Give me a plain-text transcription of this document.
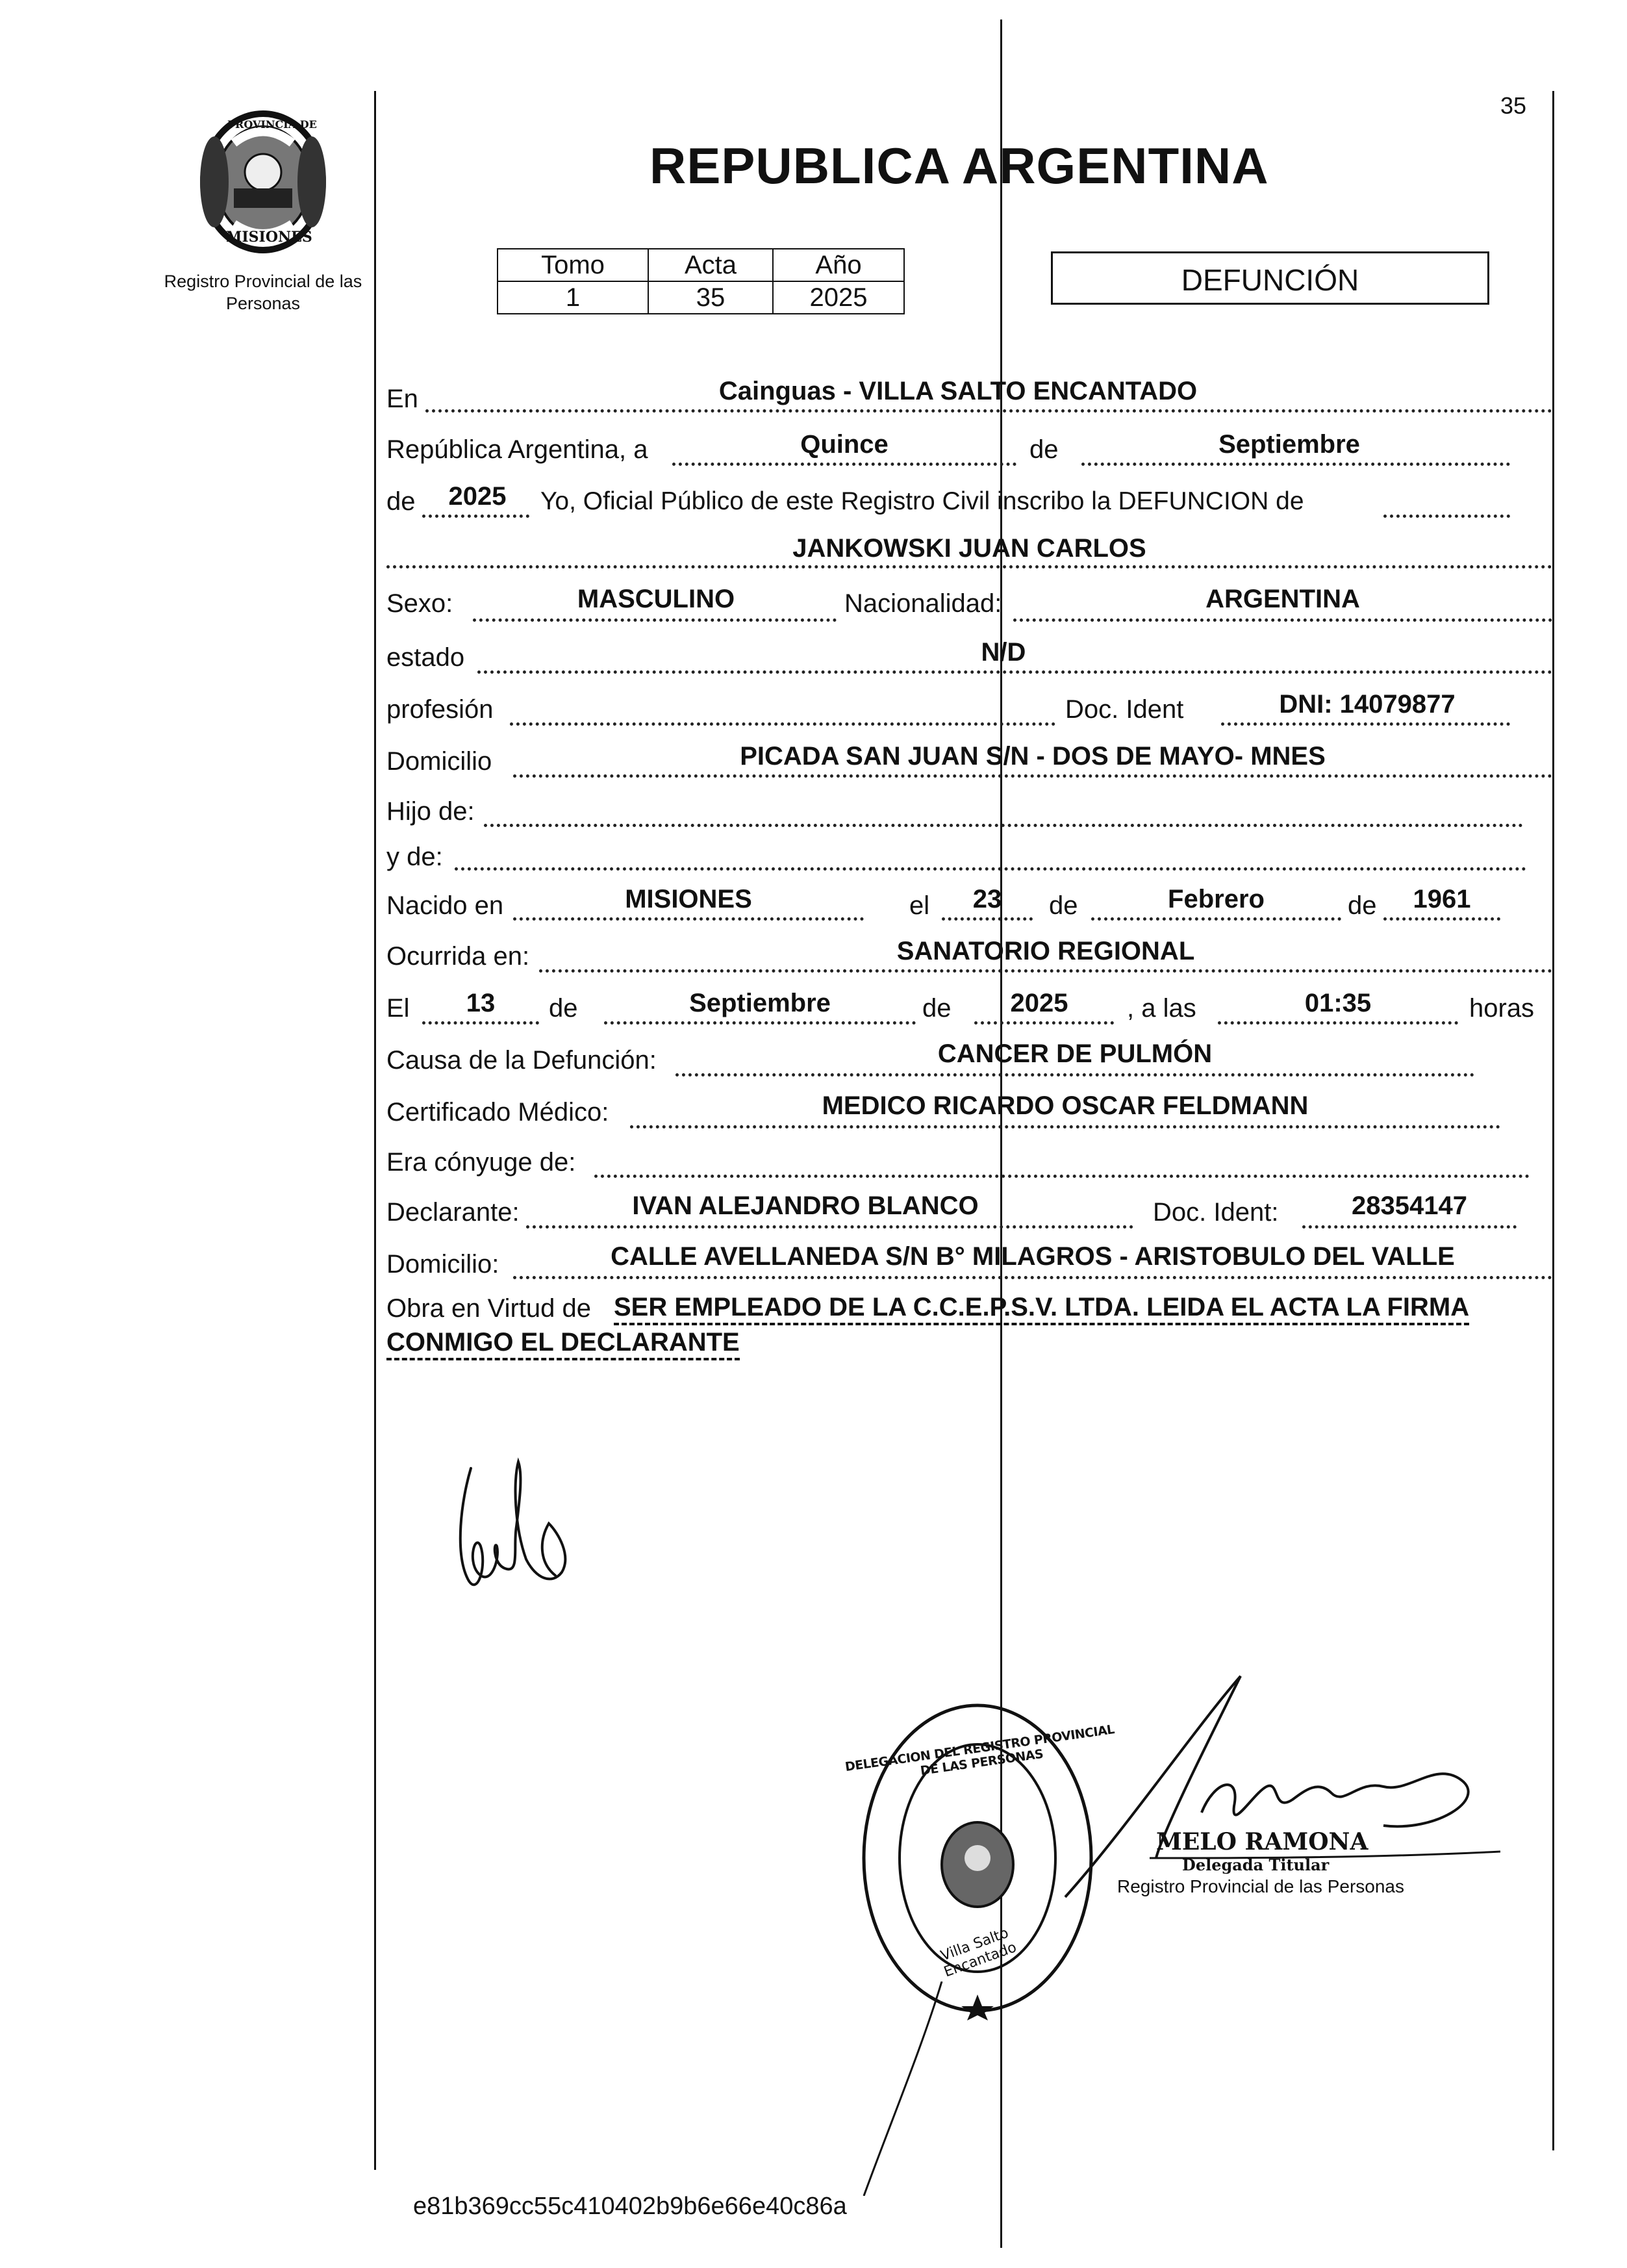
PROVINCIA DE
MISIONES
Registro Provincial de las Personas
35
REPUBLICA ARGENTINA
Tomo	Acta	Año
1	35	2025
DEFUNCIÓN
En	Cainguas - VILLA SALTO ENCANTADO
República Argentina, a	Quince	de	Septiembre
de	2025	Yo, Oficial Público de este Registro Civil inscribo la DEFUNCION de
JANKOWSKI JUAN CARLOS
Sexo:	MASCULINO	Nacionalidad:	ARGENTINA
estado	N/D
profesión	Doc. Ident	DNI: 14079877
Domicilio	PICADA SAN JUAN S/N - DOS DE MAYO- MNES
Hijo de:
y de:
Nacido en	MISIONES	el	23	de	Febrero	de	1961
Ocurrida en:	SANATORIO REGIONAL
El	13	de	Septiembre	de	2025	, a las	01:35	horas
Causa de la Defunción:	CANCER DE PULMÓN
Certificado Médico:	MEDICO RICARDO OSCAR FELDMANN
Era cónyuge de:
Declarante:	IVAN ALEJANDRO BLANCO	Doc. Ident:	28354147
Domicilio:	CALLE AVELLANEDA S/N B° MILAGROS - ARISTOBULO DEL VALLE
Obra en Virtud de SER EMPLEADO DE LA C.C.E.P.S.V. LTDA. LEIDA EL ACTA LA FIRMA
CONMIGO EL DECLARANTE
DELEGACION DEL REGISTRO PROVINCIAL DE LAS PERSONAS
Villa Salto Encantado
MELO RAMONA
Delegada Titular
Registro Provincial de las Personas
e81b369cc55c410402b9b6e66e40c86a
